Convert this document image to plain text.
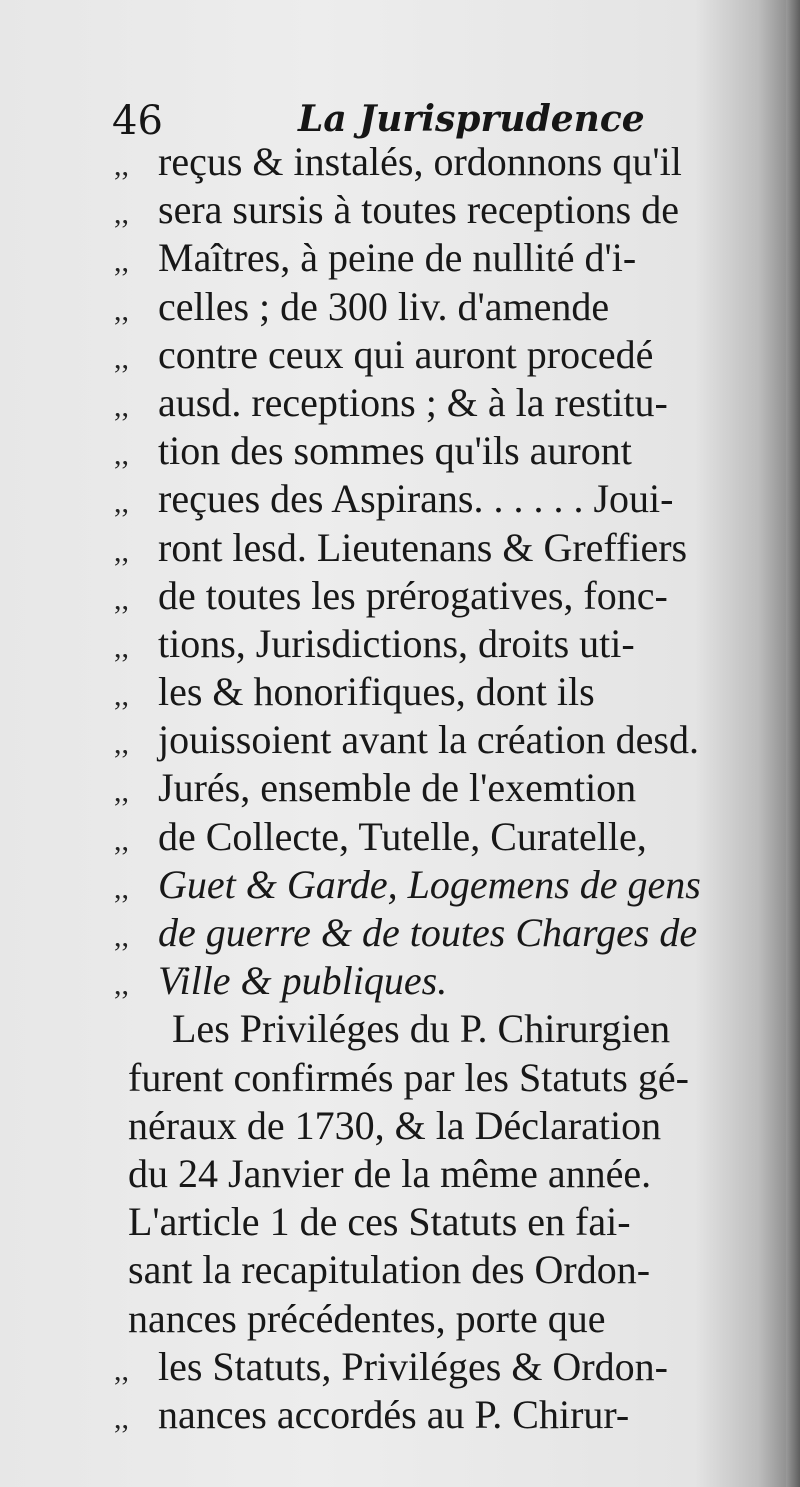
46	La Jurisprudence
,, reçus & instalés, ordonnons qu'il
,, sera sursis à toutes receptions de
,, Maîtres, à peine de nullité d'i-
,, celles ; de 300 liv. d'amende
,, contre ceux qui auront procedé
,, ausd. receptions ; & à la restitu-
,, tion des sommes qu'ils auront
,, reçues des Aspirans. . . . . . Joui-
,, ront lesd. Lieutenans & Greffiers
,, de toutes les prérogatives, fonc-
,, tions, Jurisdictions, droits uti-
,, les & honorifiques, dont ils
,, jouissoient avant la création desd.
,, Jurés, ensemble de l'exemtion
,, de Collecte, Tutelle, Curatelle,
,, Guet & Garde, Logemens de gens
,, de guerre & de toutes Charges de
,, Ville & publiques.
Les Priviléges du P. Chirurgien
furent confirmés par les Statuts gé-
néraux de 1730, & la Déclaration
du 24 Janvier de la même année.
L'article 1 de ces Statuts en fai-
sant la recapitulation des Ordon-
nances précédentes, porte que
,, les Statuts, Priviléges & Ordon-
,, nances accordés au P. Chirur-
